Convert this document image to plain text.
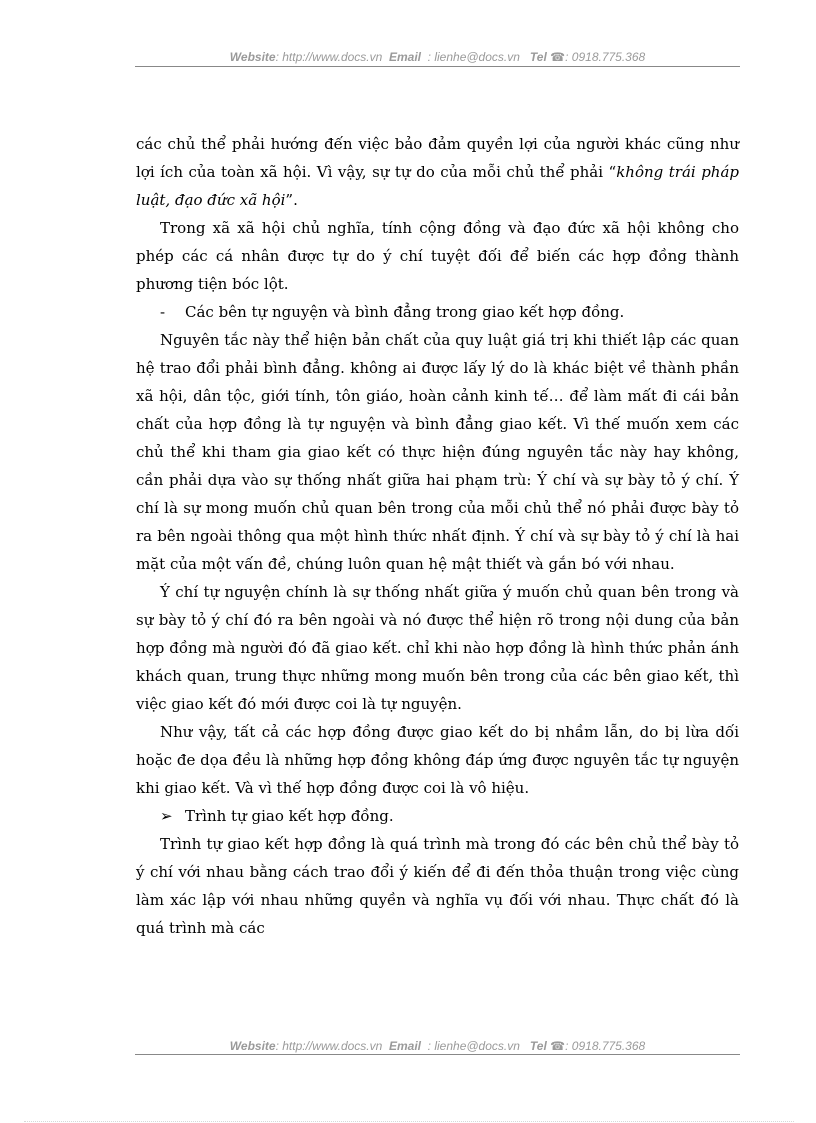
Website: http://www.docs.vn Email : lienhe@docs.vn Tel ☎: 0918.775.368

các chủ thể phải hướng đến việc bảo đảm quyền lợi của người khác cũng như lợi ích của toàn xã hội. Vì vậy, sự tự do của mỗi chủ thể phải “không trái pháp luật, đạo đức xã hội”.

Trong xã xã hội chủ nghĩa, tính cộng đồng và đạo đức xã hội không cho phép các cá nhân được tự do ý chí tuyệt đối để biến các hợp đồng thành phương tiện bóc lột.

- Các bên tự nguyện và bình đẳng trong giao kết hợp đồng.

Nguyên tắc này thể hiện bản chất của quy luật giá trị khi thiết lập các quan hệ trao đổi phải bình đẳng. không ai được lấy lý do là khác biệt về thành phần xã hội, dân tộc, giới tính, tôn giáo, hoàn cảnh kinh tế… để làm mất đi cái bản chất của hợp đồng là tự nguyện và bình đẳng giao kết. Vì thế muốn xem các chủ thể khi tham gia giao kết có thực hiện đúng nguyên tắc này hay không, cần phải dựa vào sự thống nhất giữa hai phạm trù: Ý chí và sự bày tỏ ý chí. Ý chí là sự mong muốn chủ quan bên trong của mỗi chủ thể nó phải được bày tỏ ra bên ngoài thông qua một hình thức nhất định. Ý chí và sự bày tỏ ý chí là hai mặt của một vấn đề, chúng luôn quan hệ mật thiết và gắn bó với nhau.

Ý chí tự nguyện chính là sự thống nhất giữa ý muốn chủ quan bên trong và sự bày tỏ ý chí đó ra bên ngoài và nó được thể hiện rõ trong nội dung của bản hợp đồng mà người đó đã giao kết. chỉ khi nào hợp đồng là hình thức phản ánh khách quan, trung thực những mong muốn bên trong của các bên giao kết, thì việc giao kết đó mới được coi là tự nguyện.

Như vậy, tất cả các hợp đồng được giao kết do bị nhầm lẫn, do bị lừa dối hoặc đe dọa đều là những hợp đồng không đáp ứng được nguyên tắc tự nguyện khi giao kết. Và vì thế hợp đồng được coi là vô hiệu.

➢ Trình tự giao kết hợp đồng.

Trình tự giao kết hợp đồng là quá trình mà trong đó các bên chủ thể bày tỏ ý chí với nhau bằng cách trao đổi ý kiến để đi đến thỏa thuận trong việc cùng làm xác lập với nhau những quyền và nghĩa vụ đối với nhau. Thực chất đó là quá trình mà các

Website: http://www.docs.vn Email : lienhe@docs.vn Tel ☎: 0918.775.368
